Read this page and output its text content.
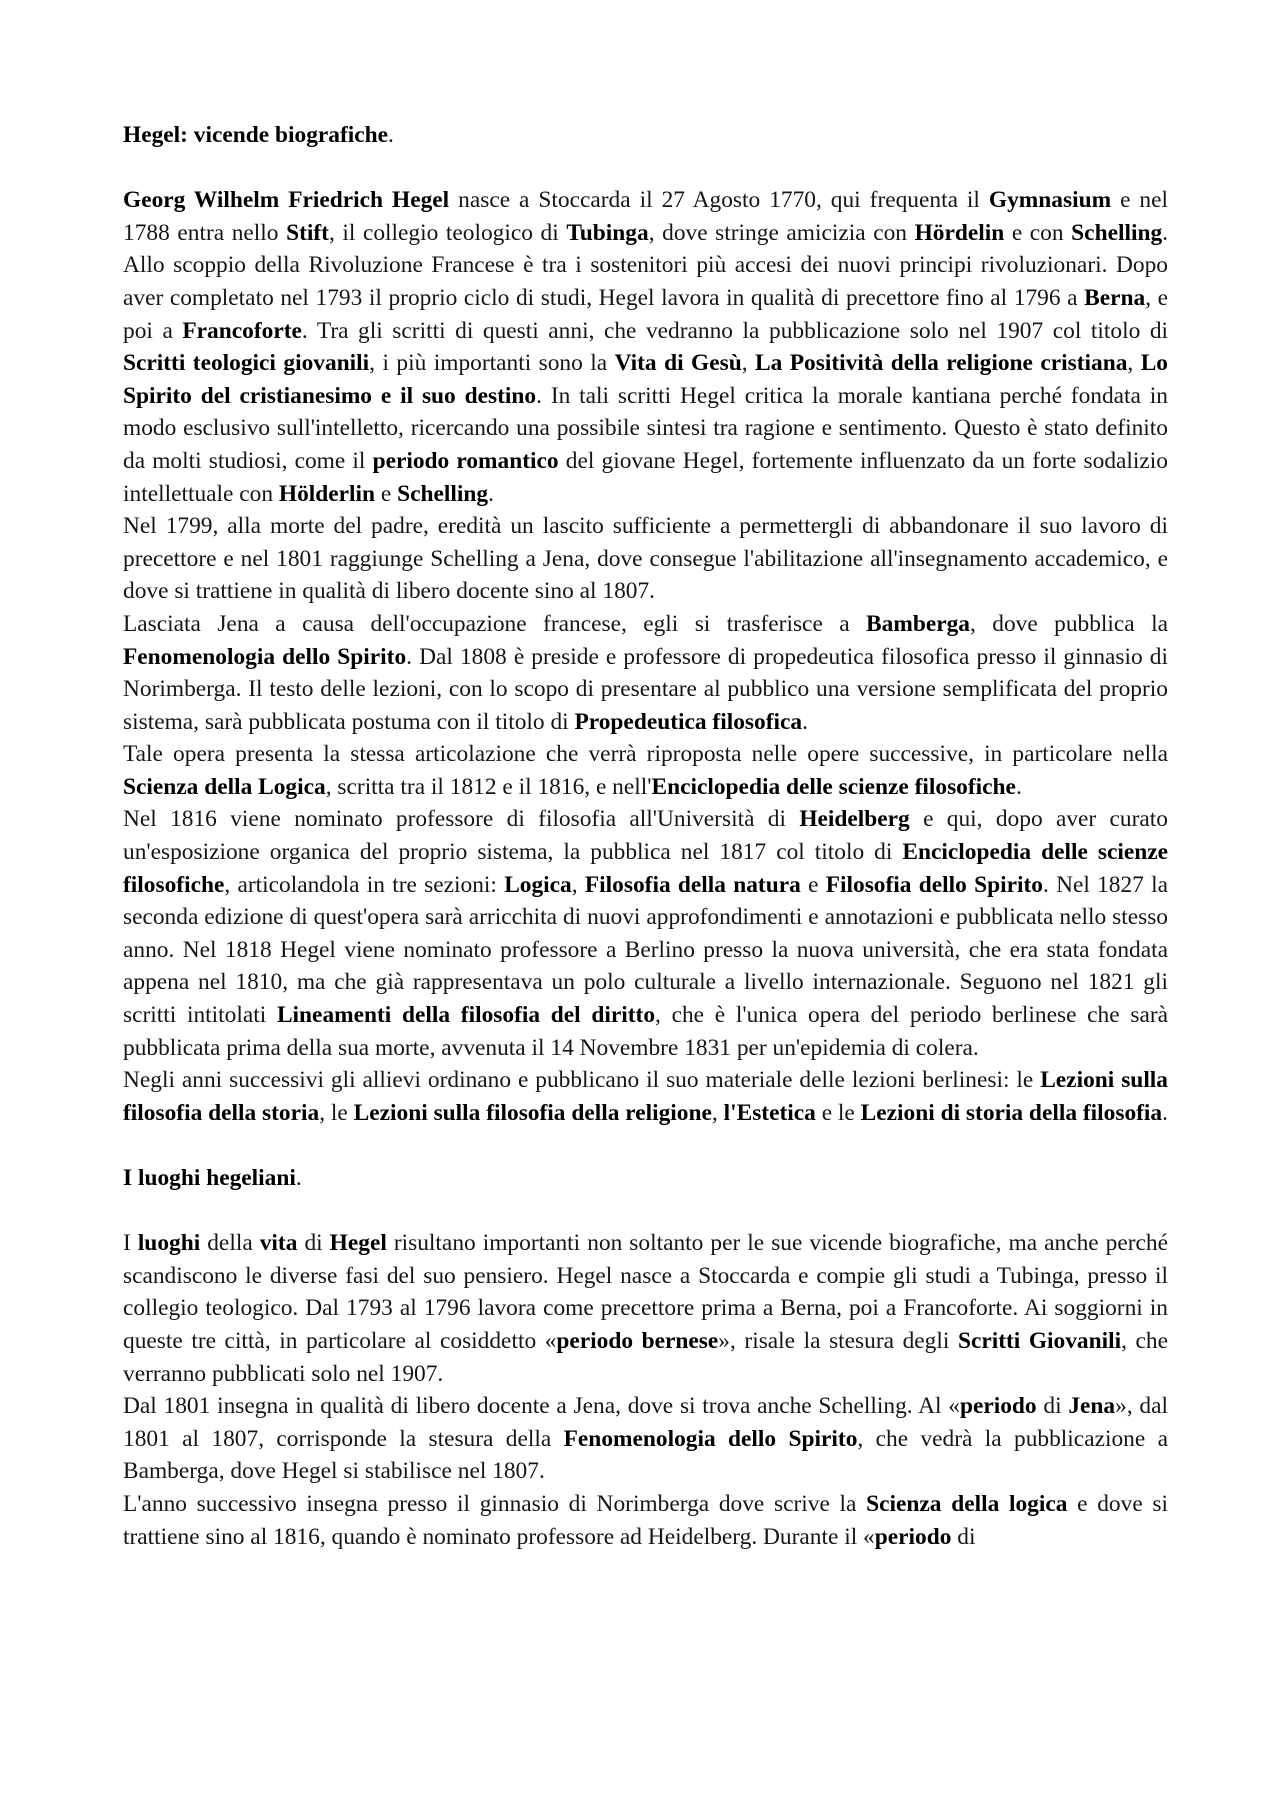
Hegel: vicende biografiche.

Georg Wilhelm Friedrich Hegel nasce a Stoccarda il 27 Agosto 1770, qui frequenta il Gymnasium e nel 1788 entra nello Stift, il collegio teologico di Tubinga, dove stringe amicizia con Hördelin e con Schelling. Allo scoppio della Rivoluzione Francese è tra i sostenitori più accesi dei nuovi principi rivoluzionari. Dopo aver completato nel 1793 il proprio ciclo di studi, Hegel lavora in qualità di precettore fino al 1796 a Berna, e poi a Francoforte. Tra gli scritti di questi anni, che vedranno la pubblicazione solo nel 1907 col titolo di Scritti teologici giovanili, i più importanti sono la Vita di Gesù, La Positività della religione cristiana, Lo Spirito del cristianesimo e il suo destino. In tali scritti Hegel critica la morale kantiana perché fondata in modo esclusivo sull'intelletto, ricercando una possibile sintesi tra ragione e sentimento. Questo è stato definito da molti studiosi, come il periodo romantico del giovane Hegel, fortemente influenzato da un forte sodalizio intellettuale con Hölderlin e Schelling.

Nel 1799, alla morte del padre, eredità un lascito sufficiente a permettergli di abbandonare il suo lavoro di precettore e nel 1801 raggiunge Schelling a Jena, dove consegue l'abilitazione all'insegnamento accademico, e dove si trattiene in qualità di libero docente sino al 1807.

Lasciata Jena a causa dell'occupazione francese, egli si trasferisce a Bamberga, dove pubblica la Fenomenologia dello Spirito. Dal 1808 è preside e professore di propedeutica filosofica presso il ginnasio di Norimberga. Il testo delle lezioni, con lo scopo di presentare al pubblico una versione semplificata del proprio sistema, sarà pubblicata postuma con il titolo di Propedeutica filosofica.

Tale opera presenta la stessa articolazione che verrà riproposta nelle opere successive, in particolare nella Scienza della Logica, scritta tra il 1812 e il 1816, e nell'Enciclopedia delle scienze filosofiche.

Nel 1816 viene nominato professore di filosofia all'Università di Heidelberg e qui, dopo aver curato un'esposizione organica del proprio sistema, la pubblica nel 1817 col titolo di Enciclopedia delle scienze filosofiche, articolandola in tre sezioni: Logica, Filosofia della natura e Filosofia dello Spirito. Nel 1827 la seconda edizione di quest'opera sarà arricchita di nuovi approfondimenti e annotazioni e pubblicata nello stesso anno. Nel 1818 Hegel viene nominato professore a Berlino presso la nuova università, che era stata fondata appena nel 1810, ma che già rappresentava un polo culturale a livello internazionale. Seguono nel 1821 gli scritti intitolati Lineamenti della filosofia del diritto, che è l'unica opera del periodo berlinese che sarà pubblicata prima della sua morte, avvenuta il 14 Novembre 1831 per un'epidemia di colera.

Negli anni successivi gli allievi ordinano e pubblicano il suo materiale delle lezioni berlinesi: le Lezioni sulla filosofia della storia, le Lezioni sulla filosofia della religione, l'Estetica e le Lezioni di storia della filosofia.

I luoghi hegeliani.

I luoghi della vita di Hegel risultano importanti non soltanto per le sue vicende biografiche, ma anche perché scandiscono le diverse fasi del suo pensiero. Hegel nasce a Stoccarda e compie gli studi a Tubinga, presso il collegio teologico. Dal 1793 al 1796 lavora come precettore prima a Berna, poi a Francoforte. Ai soggiorni in queste tre città, in particolare al cosiddetto «periodo bernese», risale la stesura degli Scritti Giovanili, che verranno pubblicati solo nel 1907.

Dal 1801 insegna in qualità di libero docente a Jena, dove si trova anche Schelling. Al «periodo di Jena», dal 1801 al 1807, corrisponde la stesura della Fenomenologia dello Spirito, che vedrà la pubblicazione a Bamberga, dove Hegel si stabilisce nel 1807.

L'anno successivo insegna presso il ginnasio di Norimberga dove scrive la Scienza della logica e dove si trattiene sino al 1816, quando è nominato professore ad Heidelberg. Durante il «periodo di
